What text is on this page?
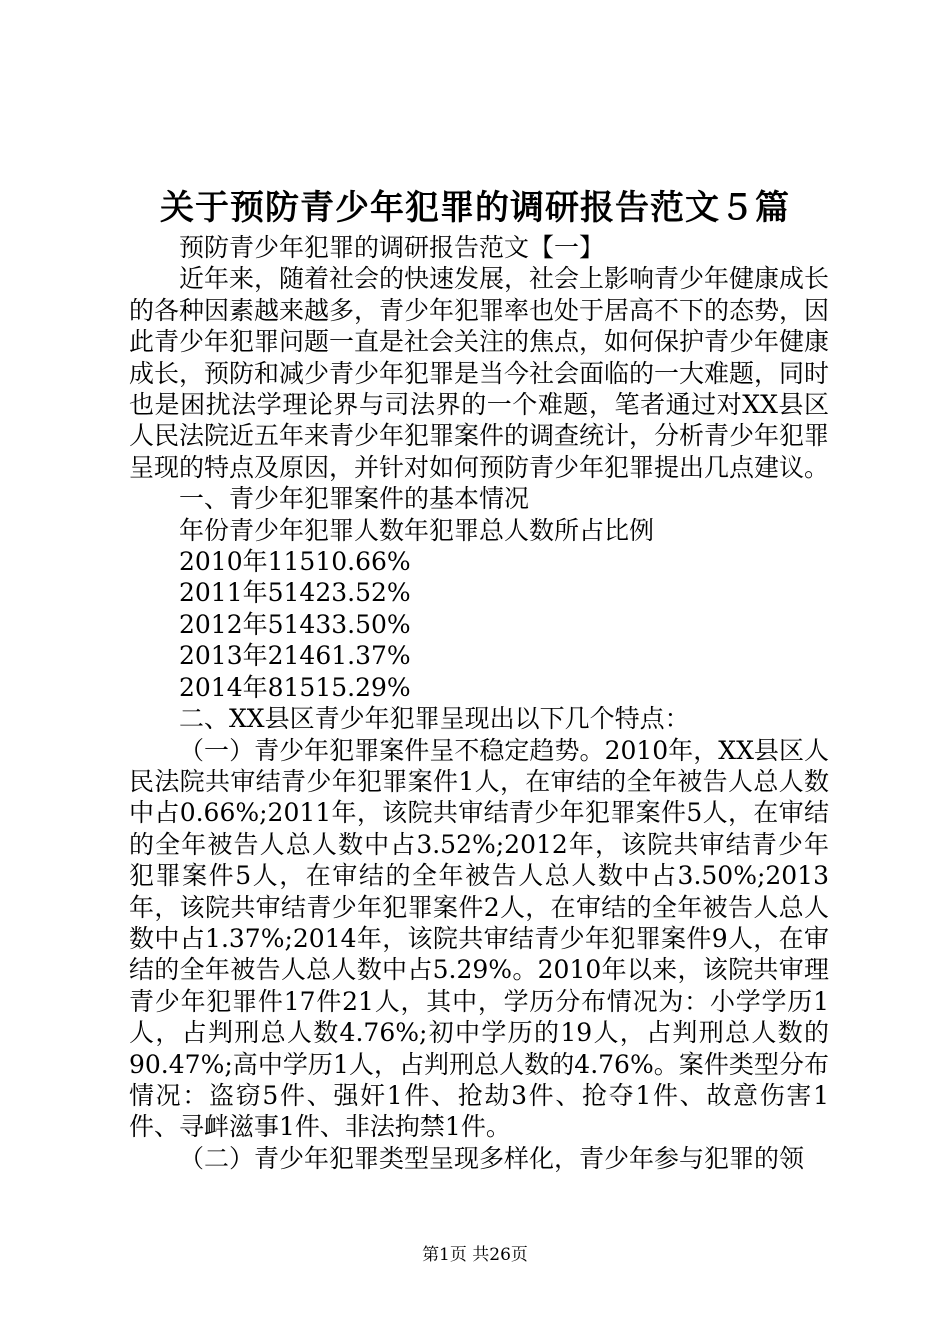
关于预防青少年犯罪的调研报告范文５篇

预防青少年犯罪的调研报告范文【一】

近年来，随着社会的快速发展，社会上影响青少年健康成长的各种因素越来越多，青少年犯罪率也处于居高不下的态势，因此青少年犯罪问题一直是社会关注的焦点，如何保护青少年健康成长，预防和减少青少年犯罪是当今社会面临的一大难题，同时也是困扰法学理论界与司法界的一个难题，笔者通过对XX县区人民法院近五年来青少年犯罪案件的调查统计，分析青少年犯罪呈现的特点及原因，并针对如何预防青少年犯罪提出几点建议。

一、青少年犯罪案件的基本情况

年份青少年犯罪人数年犯罪总人数所占比例

2010年11510.66%

2011年51423.52%

2012年51433.50%

2013年21461.37%

2014年81515.29%

二、XX县区青少年犯罪呈现出以下几个特点：

（一）青少年犯罪案件呈不稳定趋势。2010年，XX县区人民法院共审结青少年犯罪案件1人，在审结的全年被告人总人数中占0.66%;2011年，该院共审结青少年犯罪案件5人，在审结的全年被告人总人数中占3.52%;2012年，该院共审结青少年犯罪案件5人，在审结的全年被告人总人数中占3.50%;2013年，该院共审结青少年犯罪案件2人，在审结的全年被告人总人数中占1.37%;2014年，该院共审结青少年犯罪案件9人，在审结的全年被告人总人数中占5.29%。2010年以来，该院共审理青少年犯罪件17件21人，其中，学历分布情况为：小学学历1人，占判刑总人数4.76%;初中学历的19人，占判刑总人数的90.47%;高中学历1人，占判刑总人数的4.76%。案件类型分布情况：盗窃5件、强奸1件、抢劫3件、抢夺1件、故意伤害1件、寻衅滋事1件、非法拘禁1件。

（二）青少年犯罪类型呈现多样化，青少年参与犯罪的领

第1页 共26页
